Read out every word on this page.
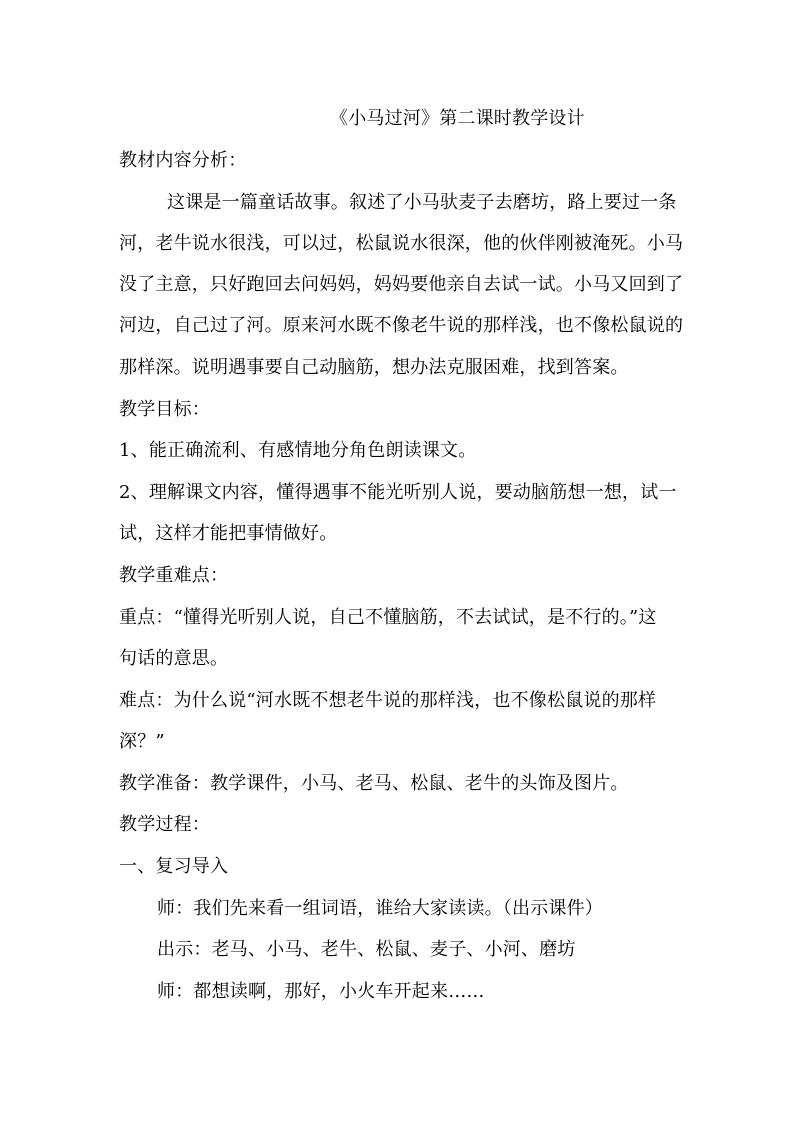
《小马过河》第二课时教学设计
教材内容分析：
这课是一篇童话故事。叙述了小马驮麦子去磨坊，路上要过一条
河，老牛说水很浅，可以过，松鼠说水很深，他的伙伴刚被淹死。小马
没了主意，只好跑回去问妈妈，妈妈要他亲自去试一试。小马又回到了
河边，自己过了河。原来河水既不像老牛说的那样浅，也不像松鼠说的
那样深。说明遇事要自己动脑筋，想办法克服困难，找到答案。
教学目标：
1、能正确流利、有感情地分角色朗读课文。
2、理解课文内容，懂得遇事不能光听别人说，要动脑筋想一想，试一
试，这样才能把事情做好。
教学重难点：
重点：“懂得光听别人说，自己不懂脑筋，不去试试，是不行的。”这
句话的意思。
难点：为什么说“河水既不想老牛说的那样浅，也不像松鼠说的那样
深？”
教学准备：教学课件，小马、老马、松鼠、老牛的头饰及图片。
教学过程：
一、复习导入
师：我们先来看一组词语，谁给大家读读。（出示课件）
出示：老马、小马、老牛、松鼠、麦子、小河、磨坊
师：都想读啊，那好，小火车开起来……
